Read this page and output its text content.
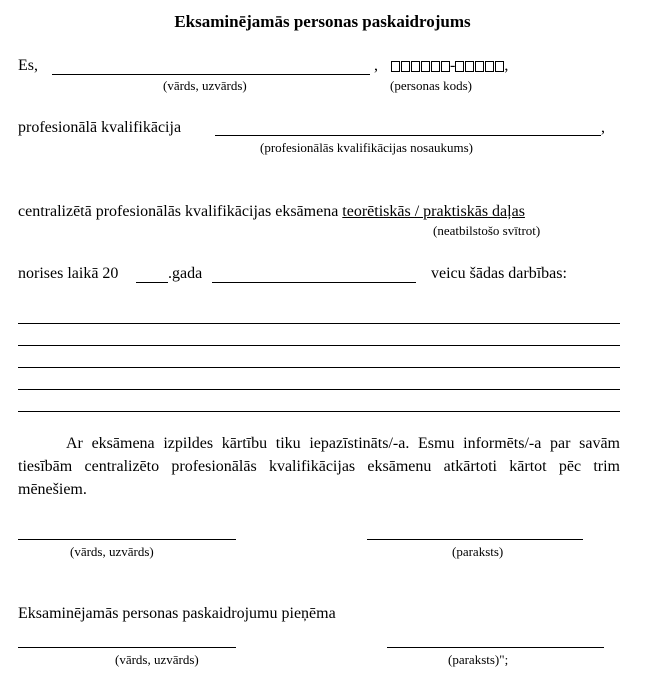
Eksaminējamās personas paskaidrojums
Es,	,	-	,
(vārds, uzvārds)	(personas kods)
profesionālā kvalifikācija	,
(profesionālās kvalifikācijas nosaukums)
centralizētā profesionālās kvalifikācijas eksāmena teorētiskās / praktiskās daļas
(neatbilstošo svītrot)
norises laikā 20	.gada	veicu šādas darbības:
Ar eksāmena izpildes kārtību tiku iepazīstināts/-a. Esmu informēts/-a par savām tiesībām centralizēto profesionālās kvalifikācijas eksāmenu atkārtoti kārtot pēc trim mēnešiem.
(vārds, uzvārds)	(paraksts)
Eksaminējamās personas paskaidrojumu pieņēma
(vārds, uzvārds)	(paraksts)";
